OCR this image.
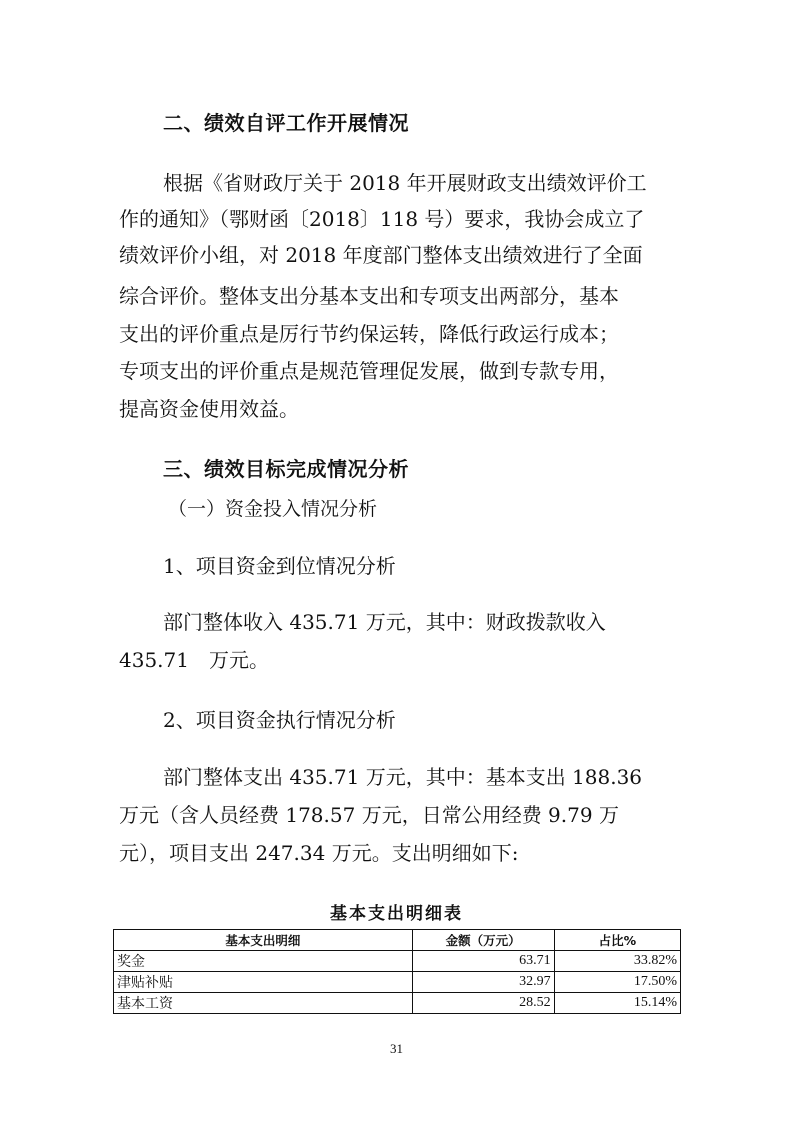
二、绩效自评工作开展情况
根据《省财政厅关于 2018 年开展财政支出绩效评价工
作的通知》（鄂财函〔2018〕118 号）要求，我协会成立了
绩效评价小组，对 2018 年度部门整体支出绩效进行了全面
综合评价。整体支出分基本支出和专项支出两部分，基本
支出的评价重点是厉行节约保运转，降低行政运行成本；
专项支出的评价重点是规范管理促发展，做到专款专用，
提高资金使用效益。
三、绩效目标完成情况分析
（一）资金投入情况分析
1、项目资金到位情况分析
部门整体收入 435.71 万元，其中：财政拨款收入
435.71　万元。
2、项目资金执行情况分析
部门整体支出 435.71 万元，其中：基本支出 188.36
万元（含人员经费 178.57 万元，日常公用经费 9.79 万
元），项目支出 247.34 万元。支出明细如下:
基本支出明细表
基本支出明细	金额（万元）	占比%
奖金	63.71	33.82%
津贴补贴	32.97	17.50%
基本工资	28.52	15.14%
31
